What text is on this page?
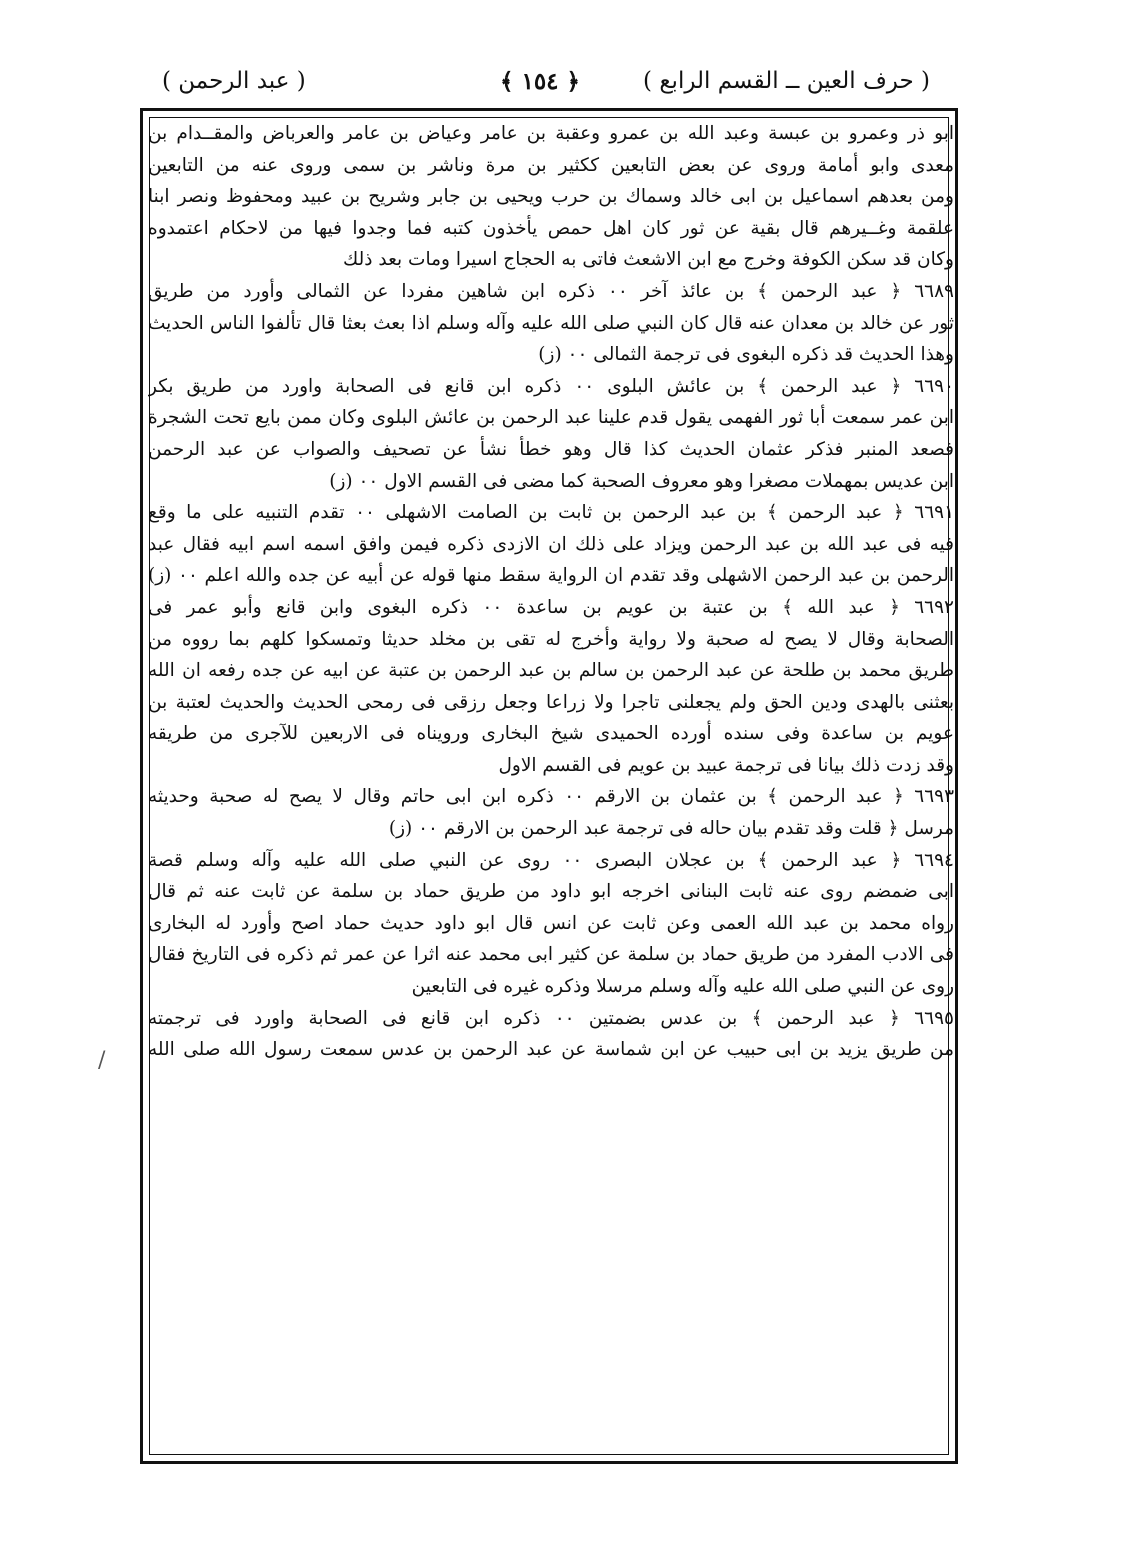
( حرف العين ــ القسم الرابع )
﴿ ١٥٤ ﴾
( عبد الرحمن )
ابو ذر وعمرو بن عبسة وعبد الله بن عمرو وعقبة بن عامر وعياض بن عامر والعرباض والمقــدام بن
معدى وابو أمامة وروى عن بعض التابعين ككثير بن مرة وناشر بن سمى وروى عنه من التابعين
ومن بعدهم اسماعيل بن ابى خالد وسماك بن حرب ويحيى بن جابر وشريح بن عبيد ومحفوظ ونصر ابنا
علقمة وغــيرهم قال بقية عن ثور كان اهل حمص يأخذون كتبه فما وجدوا فيها من لاحكام اعتمدوه
وكان قد سكن الكوفة وخرج مع ابن الاشعث فاتى به الحجاج اسيرا ومات بعد ذلك
٦٦٨٩ ﴿ عبد الرحمن ﴾ بن عائذ آخر ٠٠ ذكره ابن شاهين مفردا عن الثمالى وأورد من طريق
ثور عن خالد بن معدان عنه قال كان النبي صلى الله عليه وآله وسلم اذا بعث بعثا قال تألفوا الناس الحديث
وهذا الحديث قد ذكره البغوى فى ترجمة الثمالى ٠٠ (ز)
٦٦٩٠ ﴿ عبد الرحمن ﴾ بن عائش البلوى ٠٠ ذكره ابن قانع فى الصحابة واورد من طريق بكر
ابن عمر سمعت أبا ثور الفهمى يقول قدم علينا عبد الرحمن بن عائش البلوى وكان ممن بايع تحت الشجرة
فصعد المنبر فذكر عثمان الحديث كذا قال وهو خطأ نشأ عن تصحيف والصواب عن عبد الرحمن
ابن عديس بمهملات مصغرا وهو معروف الصحبة كما مضى فى القسم الاول ٠٠ (ز)
٦٦٩١ ﴿ عبد الرحمن ﴾ بن عبد الرحمن بن ثابت بن الصامت الاشهلى ٠٠ تقدم التنبيه على ما وقع
فيه فى عبد الله بن عبد الرحمن ويزاد على ذلك ان الازدى ذكره فيمن وافق اسمه اسم ابيه فقال عبد
الرحمن بن عبد الرحمن الاشهلى وقد تقدم ان الرواية سقط منها قوله عن أبيه عن جده والله اعلم ٠٠ (ز)
٦٦٩٢ ﴿ عبد الله ﴾ بن عتبة بن عويم بن ساعدة ٠٠ ذكره البغوى وابن قانع وأبو عمر فى
الصحابة وقال لا يصح له صحبة ولا رواية وأخرج له تقى بن مخلد حديثا وتمسكوا كلهم بما رووه من
طريق محمد بن طلحة عن عبد الرحمن بن سالم بن عبد الرحمن بن عتبة عن ابيه عن جده رفعه ان الله
بعثنى بالهدى ودين الحق ولم يجعلنى تاجرا ولا زراعا وجعل رزقى فى رمحى الحديث والحديث لعتبة بن
عويم بن ساعدة وفى سنده أورده الحميدى شيخ البخارى ورويناه فى الاربعين للآجرى من طريقه
وقد زدت ذلك بيانا فى ترجمة عبيد بن عويم فى القسم الاول
٦٦٩٣ ﴿ عبد الرحمن ﴾ بن عثمان بن الارقم ٠٠ ذكره ابن ابى حاتم وقال لا يصح له صحبة وحديثه
مرسل ﴿ قلت وقد تقدم بيان حاله فى ترجمة عبد الرحمن بن الارقم ٠٠ (ز)
٦٦٩٤ ﴿ عبد الرحمن ﴾ بن عجلان البصرى ٠٠ روى عن النبي صلى الله عليه وآله وسلم قصة
ابى ضمضم روى عنه ثابت البنانى اخرجه ابو داود من طريق حماد بن سلمة عن ثابت عنه ثم قال
رواه محمد بن عبد الله العمى وعن ثابت عن انس قال ابو داود حديث حماد اصح وأورد له البخارى
فى الادب المفرد من طريق حماد بن سلمة عن كثير ابى محمد عنه اثرا عن عمر ثم ذكره فى التاريخ فقال
روى عن النبي صلى الله عليه وآله وسلم مرسلا وذكره غيره فى التابعين
٦٦٩٥ ﴿ عبد الرحمن ﴾ بن عدس بضمتين ٠٠ ذكره ابن قانع فى الصحابة واورد فى ترجمته
من طريق يزيد بن ابى حبيب عن ابن شماسة عن عبد الرحمن بن عدس سمعت رسول الله صلى الله
/
